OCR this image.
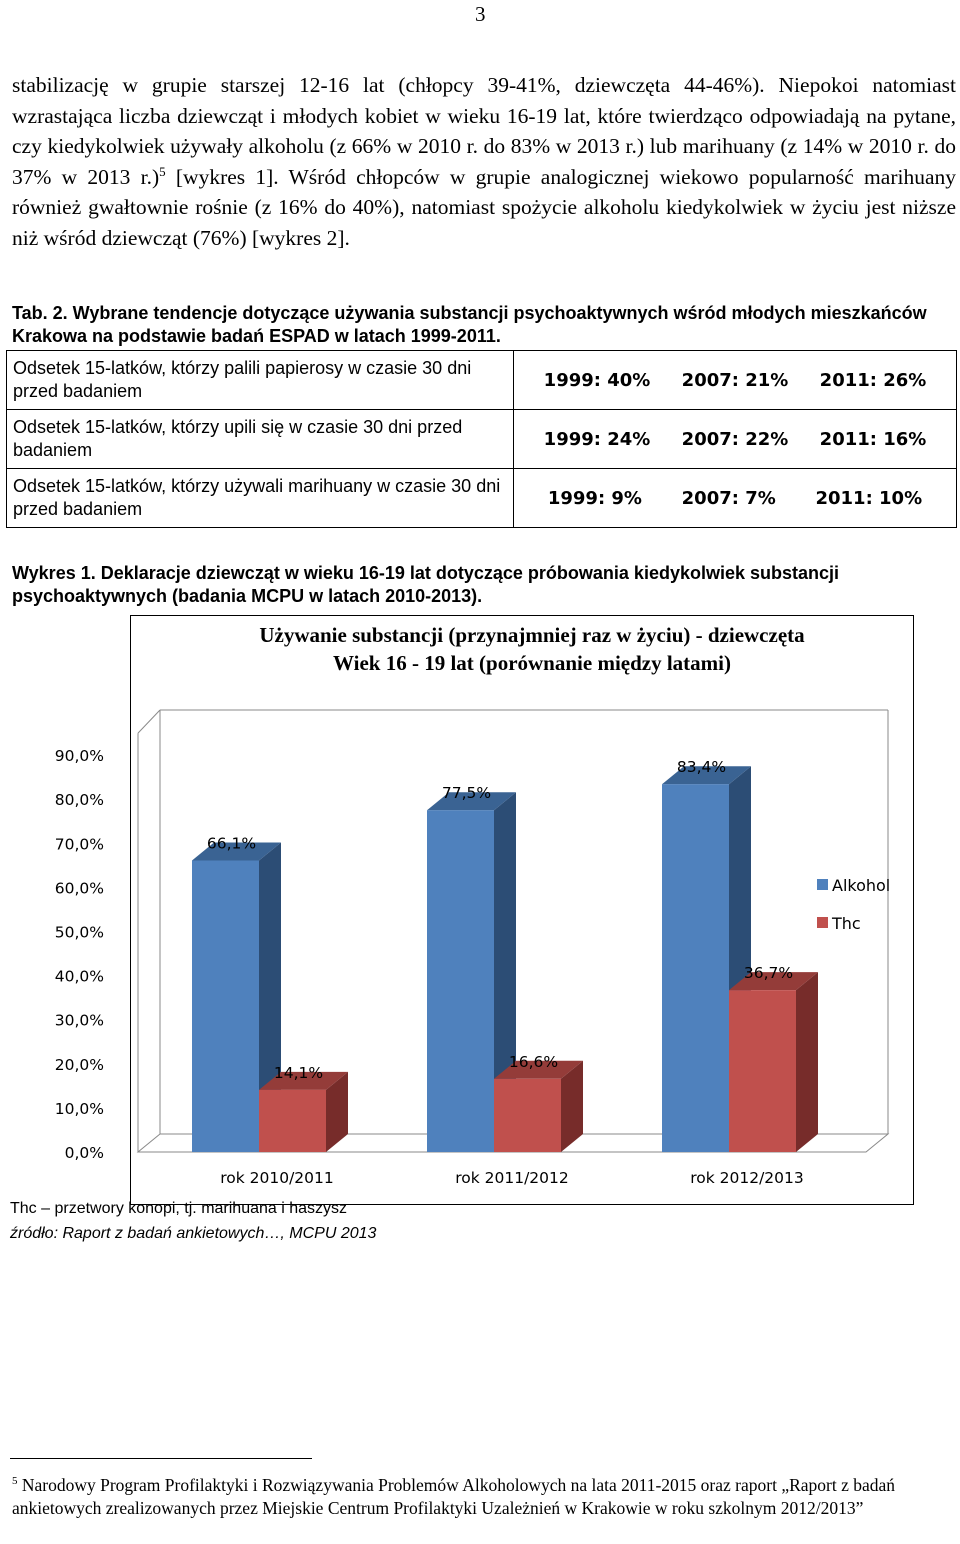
3

stabilizację w grupie starszej 12-16 lat (chłopcy 39-41%, dziewczęta 44-46%). Niepokoi natomiast wzrastająca liczba dziewcząt i młodych kobiet w wieku 16-19 lat, które twierdząco odpowiadają na pytane, czy kiedykolwiek używały alkoholu (z 66% w 2010 r. do 83% w 2013 r.) lub marihuany (z 14% w 2010 r. do 37% w 2013 r.)$^5$ [wykres 1]. Wśród chłopców w grupie analogicznej wiekowo popularność marihuany również gwałtownie rośnie (z 16% do 40%), natomiast spożycie alkoholu kiedykolwiek w życiu jest niższe niż wśród dziewcząt (76%) [wykres 2].

Tab. 2. Wybrane tendencje dotyczące używania substancji psychoaktywnych wśród młodych mieszkańców Krakowa na podstawie badań ESPAD w latach 1999-2011.

Odsetek 15-latków, którzy palili papierosy w czasie 30 dni przed badaniem	1999: 40% 2007: 21% 2011: 26%

Odsetek 15-latków, którzy upili się w czasie 30 dni przed badaniem	1999: 24% 2007: 22% 2011: 16%

Odsetek 15-latków, którzy używali marihuany w czasie 30 dni przed badaniem	1999: 9% 2007: 7% 2011: 10%

Wykres 1. Deklaracje dziewcząt w wieku 16-19 lat dotyczące próbowania kiedykolwiek substancji psychoaktywnych (badania MCPU w latach 2010-2013).

Używanie substancji (przynajmniej raz w życiu) - dziewczęta
Wiek 16 - 19 lat (porównanie między latami)
0,0%
10,0%
20,0%
30,0%
40,0%
50,0%
60,0%
70,0%
80,0%
90,0%
66,1%
14,1%
rok 2010/2011
77,5%
16,6%
rok 2011/2012
83,4%
36,7%
rok 2012/2013
Alkohol
Thc
Thc – przetwory konopi, tj. marihuana i haszysz
źródło: Raport z badań ankietowych…, MCPU 2013

$^5$ Narodowy Program Profilaktyki i Rozwiązywania Problemów Alkoholowych na lata 2011-2015 oraz raport „Raport z badań ankietowych zrealizowanych przez Miejskie Centrum Profilaktyki Uzależnień w Krakowie w roku szkolnym 2012/2013”
